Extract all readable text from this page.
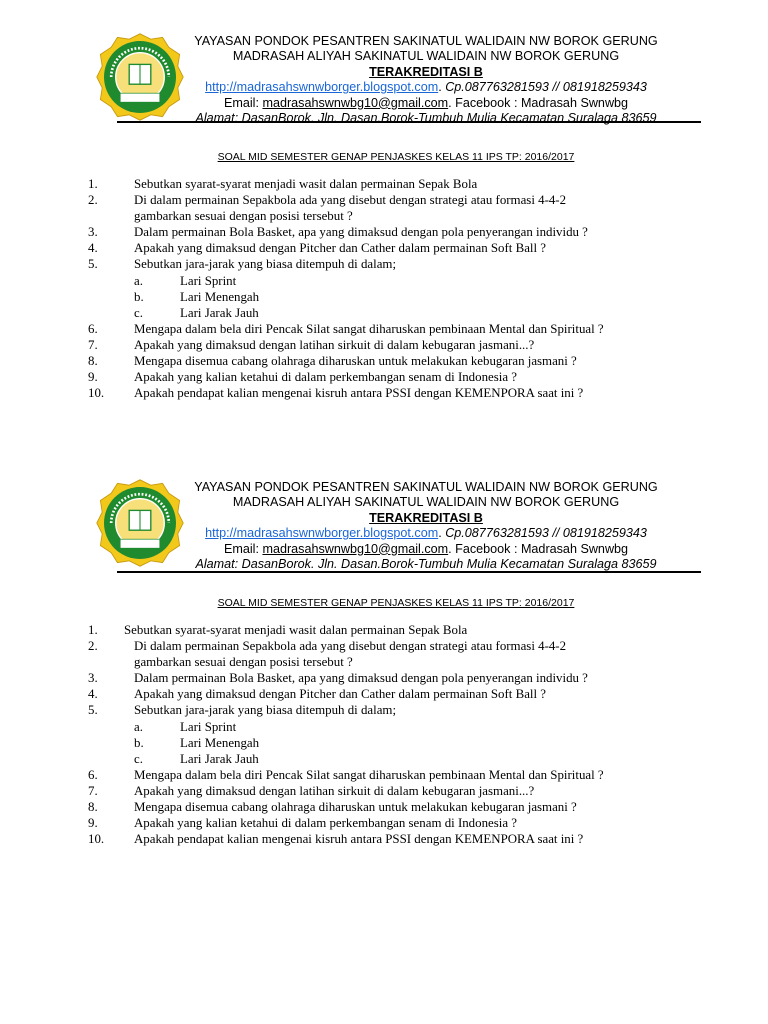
YAYASAN PONDOK PESANTREN SAKINATUL WALIDAIN NW BOROK GERUNG
MADRASAH ALIYAH SAKINATUL WALIDAIN NW BOROK GERUNG
TERAKREDITASI B
http://madrasahswnwborger.blogspot.com. Cp.087763281593 // 081918259343
Email: madrasahswnwbg10@gmail.com. Facebook : Madrasah Swnwbg
Alamat: DasanBorok. Jln. Dasan.Borok-Tumbuh Mulia Kecamatan Suralaga 83659
SOAL MID SEMESTER GENAP PENJASKES KELAS 11 IPS TP: 2016/2017
1.	Sebutkan syarat-syarat menjadi wasit dalan permainan Sepak Bola
2.	Di dalam permainan Sepakbola ada yang disebut dengan strategi atau formasi 4-4-2
gambarkan sesuai dengan posisi tersebut ?
3.	Dalam permainan Bola Basket, apa yang dimaksud dengan pola penyerangan individu ?
4.	Apakah yang dimaksud dengan Pitcher dan Cather dalam permainan Soft Ball ?
5.	Sebutkan jara-jarak yang biasa ditempuh di dalam;
a.	Lari Sprint
b.	Lari Menengah
c.	Lari Jarak Jauh
6.	Mengapa dalam bela diri Pencak Silat sangat diharuskan pembinaan Mental dan Spiritual ?
7.	Apakah yang dimaksud dengan latihan sirkuit di dalam kebugaran jasmani...?
8.	Mengapa disemua cabang olahraga diharuskan untuk melakukan kebugaran jasmani ?
9.	Apakah yang kalian ketahui di dalam perkembangan senam di Indonesia ?
10. Apakah pendapat kalian mengenai kisruh antara PSSI dengan KEMENPORA saat ini ?
YAYASAN PONDOK PESANTREN SAKINATUL WALIDAIN NW BOROK GERUNG
MADRASAH ALIYAH SAKINATUL WALIDAIN NW BOROK GERUNG
TERAKREDITASI B
http://madrasahswnwborger.blogspot.com. Cp.087763281593 // 081918259343
Email: madrasahswnwbg10@gmail.com. Facebook : Madrasah Swnwbg
Alamat: DasanBorok. Jln. Dasan.Borok-Tumbuh Mulia Kecamatan Suralaga 83659
SOAL MID SEMESTER GENAP PENJASKES KELAS 11 IPS TP: 2016/2017
1. Sebutkan syarat-syarat menjadi wasit dalan permainan Sepak Bola
2.	Di dalam permainan Sepakbola ada yang disebut dengan strategi atau formasi 4-4-2
gambarkan sesuai dengan posisi tersebut ?
3.	Dalam permainan Bola Basket, apa yang dimaksud dengan pola penyerangan individu ?
4.	Apakah yang dimaksud dengan Pitcher dan Cather dalam permainan Soft Ball ?
5.	Sebutkan jara-jarak yang biasa ditempuh di dalam;
a.	Lari Sprint
b.	Lari Menengah
c.	Lari Jarak Jauh
6.	Mengapa dalam bela diri Pencak Silat sangat diharuskan pembinaan Mental dan Spiritual ?
7.	Apakah yang dimaksud dengan latihan sirkuit di dalam kebugaran jasmani...?
8.	Mengapa disemua cabang olahraga diharuskan untuk melakukan kebugaran jasmani ?
9.	Apakah yang kalian ketahui di dalam perkembangan senam di Indonesia ?
10. Apakah pendapat kalian mengenai kisruh antara PSSI dengan KEMENPORA saat ini ?
